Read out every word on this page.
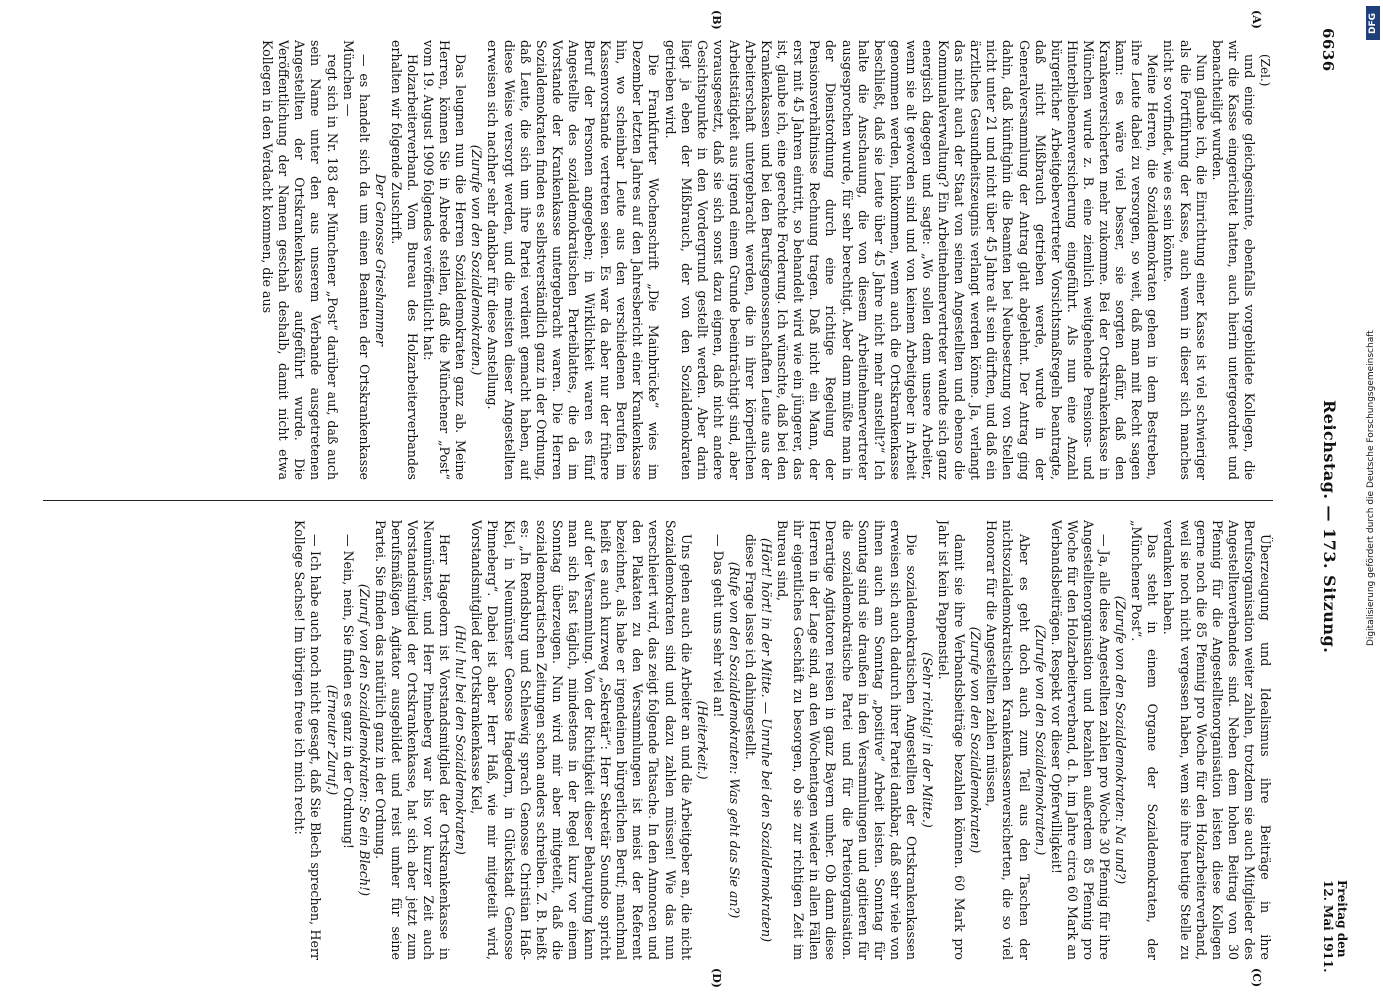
6636
Reichstag. — 173. Sitzung.
Freitag den 12. Mai 1911.
(A)
(B)
(C)
(D)

(Zel.)

und einige gleichgesinnte, ebenfalls vorgebildete Kollegen, die wir die Kasse eingerichtet hatten, auch hierin untergeordnet und benachteiligt wurden.

Nun glaube ich, die Einrichtung einer Kasse ist viel schwieriger als die Fortführung der Kasse, auch wenn in dieser sich manches nicht so vorfindet, wie es sein könnte.

Meine Herren, die Sozialdemokraten gehen in dem Bestreben, ihre Leute dabei zu versorgen, so weit, daß man mit Recht sagen kann: es wäre viel besser, sie sorgten dafür, daß den Krankenversicherten mehr zukomme. Bei der Ortskrankenkasse in München wurde z. B. eine ziemlich weitgehende Pensions- und Hinterbliebenenversicherung eingeführt. Als nun eine Anzahl bürgerlicher Arbeitgebervertreter Vorsichtsmaßregeln beantragte, daß nicht Mißbrauch getrieben werde, wurde in der Generalversammlung der Antrag glatt abgelehnt. Der Antrag ging dahin, daß künftighin die Beamten bei Neubesetzung von Stellen nicht unter 21 und nicht über 45 Jahre alt sein dürften, und daß ein ärztliches Gesundheitszeugnis verlangt werden könne. Ja, verlangt das nicht auch der Staat von seinen Angestellten und ebenso die Kommunalverwaltung? Ein Arbeitnehmervertreter wandte sich ganz energisch dagegen und sagte: „Wo sollen denn unsere Arbeiter, wenn sie alt geworden sind und von keinem Arbeitgeber in Arbeit genommen werden, hinkommen, wenn auch die Ortskrankenkasse beschließt, daß sie Leute über 45 Jahre nicht mehr anstellt?“ Ich halte die Anschauung, die von diesem Arbeitnehmervertreter ausgesprochen wurde, für sehr berechtigt. Aber dann müßte man in der Dienstordnung durch eine richtige Regelung der Pensionsverhältnisse Rechnung tragen. Daß nicht ein Mann, der erst mit 45 Jahren eintritt, so behandelt wird wie ein jüngerer, das ist, glaube ich, eine gerechte Forderung. Ich wünschte, daß bei den Krankenkassen und bei den Berufsgenossenschaften Leute aus der Arbeiterschaft untergebracht werden, die in ihrer körperlichen Arbeitstätigkeit aus irgend einem Grunde beeinträchtigt sind, aber vorausgesetzt, daß sie sich sonst dazu eignen, daß nicht andere Gesichtspunkte in den Vordergrund gestellt werden. Aber darin liegt ja eben der Mißbrauch, der von den Sozialdemokraten getrieben wird.

Die Frankfurter Wochenschrift „Die Mainbrücke“ wies im Dezember letzten Jahres auf den Jahresbericht einer Krankenkasse hin, wo scheinbar Leute aus den verschiedenen Berufen im Kassenvorstande vertreten seien. Es war da aber nur der frühere Beruf der Personen angegeben; in Wirklichkeit waren es fünf Angestellte des sozialdemokratischen Parteiblattes, die da im Vorstande der Krankenkasse untergebracht waren. Die Herren Sozialdemokraten finden es selbstverständlich ganz in der Ordnung, daß Leute, die sich um ihre Partei verdient gemacht haben, auf diese Weise versorgt werden, und die meisten dieser Angestellten erweisen sich nachher sehr dankbar für diese Anstellung.

(Zurufe von den Sozialdemokraten.)

Das leugnen nun die Herren Sozialdemokraten ganz ab. Meine Herren, können Sie in Abrede stellen, daß die Münchener „Post“ vom 19. August 1909 folgendes veröffentlicht hat:

Holzarbeiterverband. Vom Bureau des Holzarbeiterverbandes erhalten wir folgende Zuschrift.

Der Genosse Grieshammer

— es handelt sich da um einen Beamten der Ortskrankenkasse München —

regt sich in Nr. 183 der Münchener „Post“ darüber auf, daß auch sein Name unter den aus unserem Verbande ausgetretenen Angestellten der Ortskrankenkasse aufgeführt wurde. Die Veröffentlichung der Namen geschah deshalb, damit nicht etwa Kollegen in den Verdacht kommen, die aus

Überzeugung und Idealismus ihre Beiträge in ihre Berufsorganisation weiter zahlen, trotzdem sie auch Mitglieder des Angestelltenverbandes sind. Neben dem hohen Beitrag von 30 Pfennig für die Angestelltenorganisation leisten diese Kollegen gerne noch die 85 Pfennig pro Woche für den Holzarbeiterverband, weil sie noch nicht vergessen haben, wem sie ihre heutige Stelle zu verdanken haben.

Das steht in einem Organe der Sozialdemokraten, der „Münchener Post“.

(Zurufe von den Sozialdemokraten: Na und?)

— Ja, alle diese Angestellten zahlen pro Woche 30 Pfennig für ihre Angestelltenorganisation und bezahlen außerdem 85 Pfennig pro Woche für den Holzarbeiterverband, d. h. im Jahre circa 60 Mark an Verbandsbeiträgen. Respekt vor dieser Opferwilligkeit!

(Zurufe von den Sozialdemokraten.)

Aber es geht doch auch zum Teil aus den Taschen der nichtsozialdemokratischen Krankenkassenversicherten, die so viel Honorar für die Angestellten zahlen müssen,

(Zurufe von den Sozialdemokraten)

damit sie ihre Verbandsbeiträge bezahlen können. 60 Mark pro Jahr ist kein Pappenstiel.

(Sehr richtig! in der Mitte.)

Die sozialdemokratischen Angestellten der Ortskrankenkassen erweisen sich auch dadurch ihrer Partei dankbar, daß sehr viele von ihnen auch am Sonntag „positive“ Arbeit leisten. Sonntag für Sonntag sind sie draußen in den Versammlungen und agitieren für die sozialdemokratische Partei und für die Parteiorganisation. Derartige Agitatoren reisen in ganz Bayern umher. Ob dann diese Herren in der Lage sind, an den Wochentagen wieder in allen Fällen ihr eigentliches Geschäft zu besorgen, ob sie zur richtigen Zeit im Bureau sind,

(Hört! hört! in der Mitte. — Unruhe bei den Sozialdemokraten)

diese Frage lasse ich dahingestellt.

(Rufe von den Sozialdemokraten: Was geht das Sie an?)

— Das geht uns sehr viel an!

(Heiterkeit.)

Uns gehen auch die Arbeiter an und die Arbeitgeber an, die nicht Sozialdemokraten sind und dazu zahlen müssen! Wie das nun verschleiert wird, das zeigt folgende Tatsache. In den Annoncen und den Plakaten zu den Versammlungen ist meist der Referent bezeichnet, als habe er irgendeinen bürgerlichen Beruf; manchmal heißt es auch kurzweg „Sekretär“: Herr Sekretär Soundso spricht auf der Versammlung. Von der Richtigkeit dieser Behauptung kann man sich fast täglich, mindestens in der Regel kurz vor einem Sonntag überzeugen. Nun wird mir aber mitgeteilt, daß die sozialdemokratischen Zeitungen schon anders schreiben. Z. B. heißt es: „In Rendsburg und Schleswig sprach Genosse Christian Haß-Kiel, in Neumünster Genosse Hagedorn, in Glückstadt Genosse Pinneberg“. Dabei ist aber Herr Haß, wie mir mitgeteilt wird, Vorstandsmitglied der Ortskrankenkasse Kiel,

(Hu! hu! bei den Sozialdemokraten)

Herr Hagedorn ist Vorstandsmitglied der Ortskrankenkasse in Neumünster, und Herr Pinneberg war bis vor kurzer Zeit auch Vorstandsmitglied der Ortskrankenkasse, hat sich aber jetzt zum berufsmäßigen Agitator ausgebildet und reist umher für seine Partei. Sie finden das natürlich ganz in der Ordnung.

(Zuruf von den Sozialdemokraten: So ein Blech!)

— Nein, nein, Sie finden es ganz in der Ordnung!

(Erneuter Zuruf.)

— Ich habe auch noch nicht gesagt, daß Sie Blech sprechen, Herr Kollege Sachse! Im übrigen freue ich mich recht:

DFG
Digitalisierung gefördert durch die Deutsche Forschungsgemeinschaft
